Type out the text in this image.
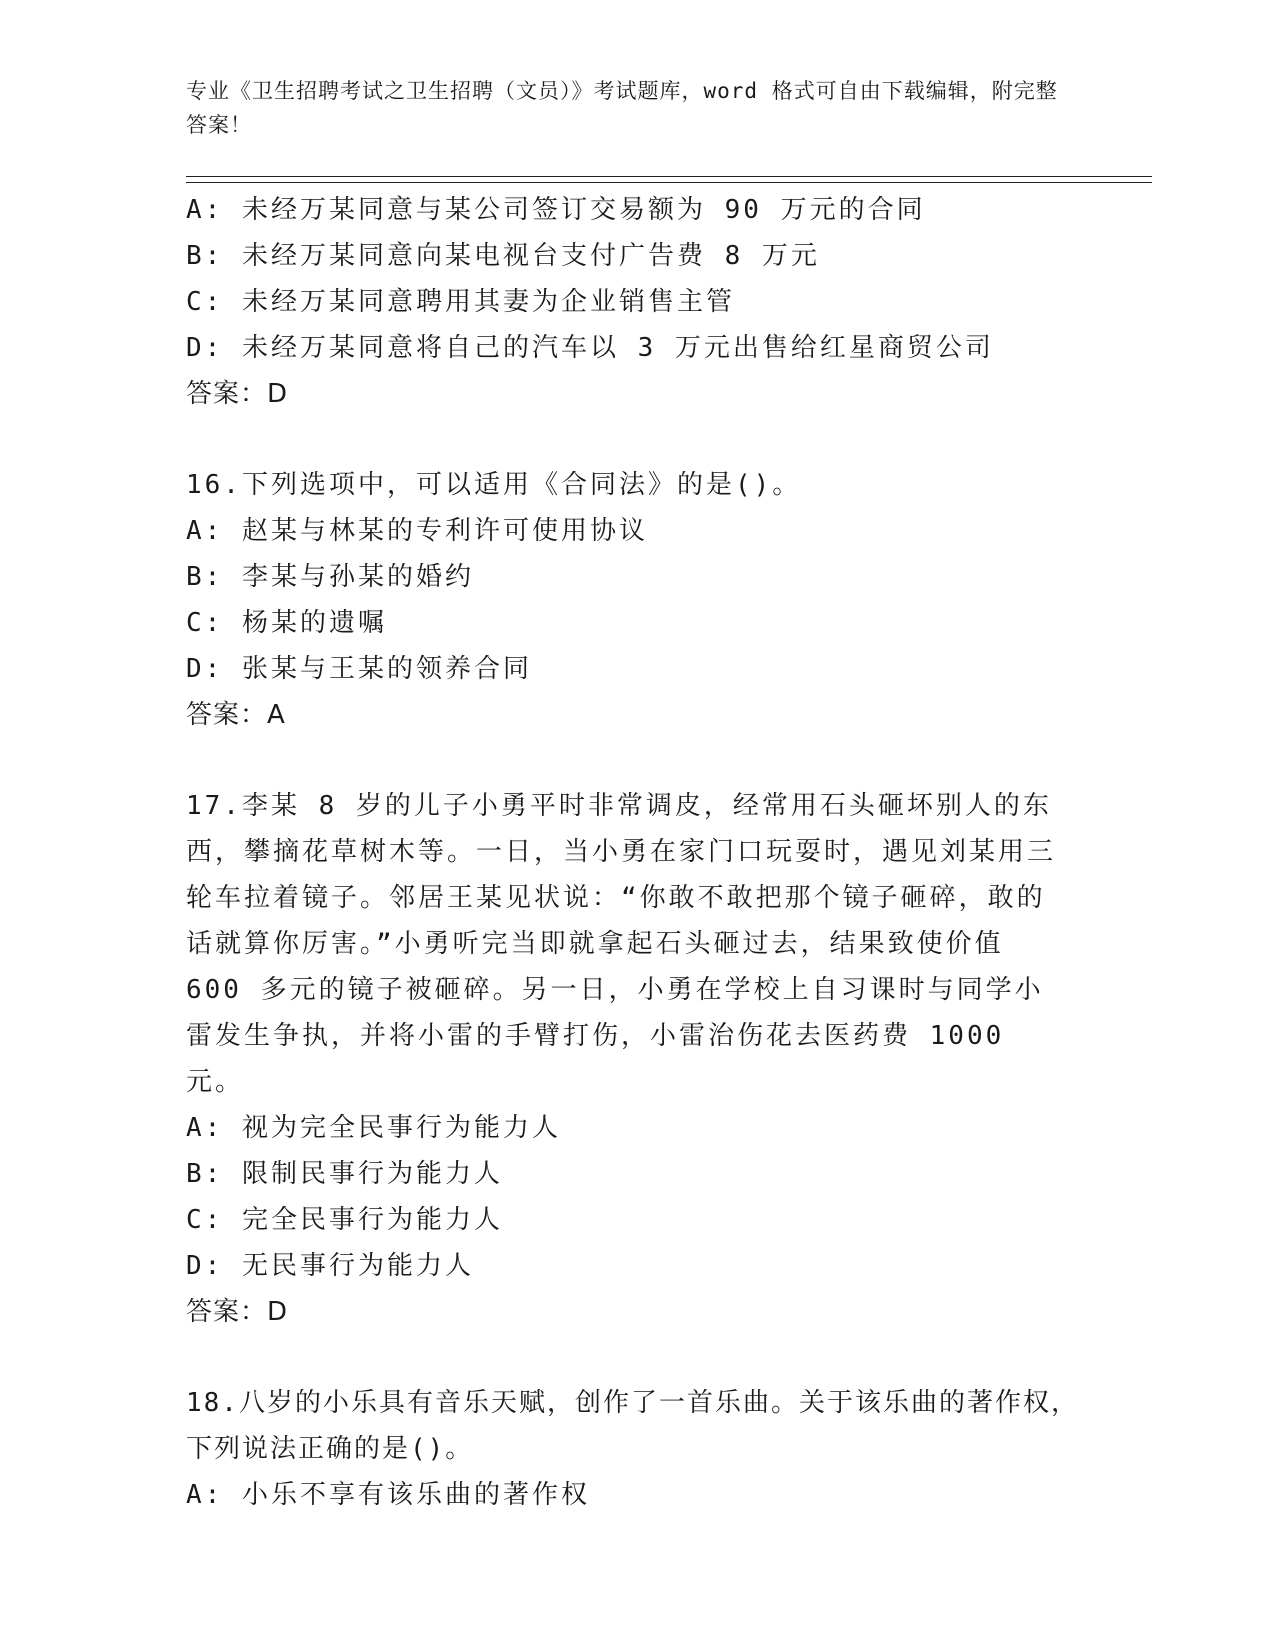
专业《卫生招聘考试之卫生招聘（文员）》考试题库，word 格式可自由下载编辑，附完整答案！
A: 未经万某同意与某公司签订交易额为 90 万元的合同
B: 未经万某同意向某电视台支付广告费 8 万元
C: 未经万某同意聘用其妻为企业销售主管
D: 未经万某同意将自己的汽车以 3 万元出售给红星商贸公司
答案：D
16.下列选项中，可以适用《合同法》的是()。
A: 赵某与林某的专利许可使用协议
B: 李某与孙某的婚约
C: 杨某的遗嘱
D: 张某与王某的领养合同
答案：A
17.李某 8 岁的儿子小勇平时非常调皮，经常用石头砸坏别人的东西，攀摘花草树木等。一日，当小勇在家门口玩耍时，遇见刘某用三轮车拉着镜子。邻居王某见状说：“你敢不敢把那个镜子砸碎，敢的话就算你厉害。”小勇听完当即就拿起石头砸过去，结果致使价值 600 多元的镜子被砸碎。另一日，小勇在学校上自习课时与同学小雷发生争执，并将小雷的手臂打伤，小雷治伤花去医药费 1000 元。
A: 视为完全民事行为能力人
B: 限制民事行为能力人
C: 完全民事行为能力人
D: 无民事行为能力人
答案：D
18.八岁的小乐具有音乐天赋，创作了一首乐曲。关于该乐曲的著作权，下列说法正确的是()。
A: 小乐不享有该乐曲的著作权
